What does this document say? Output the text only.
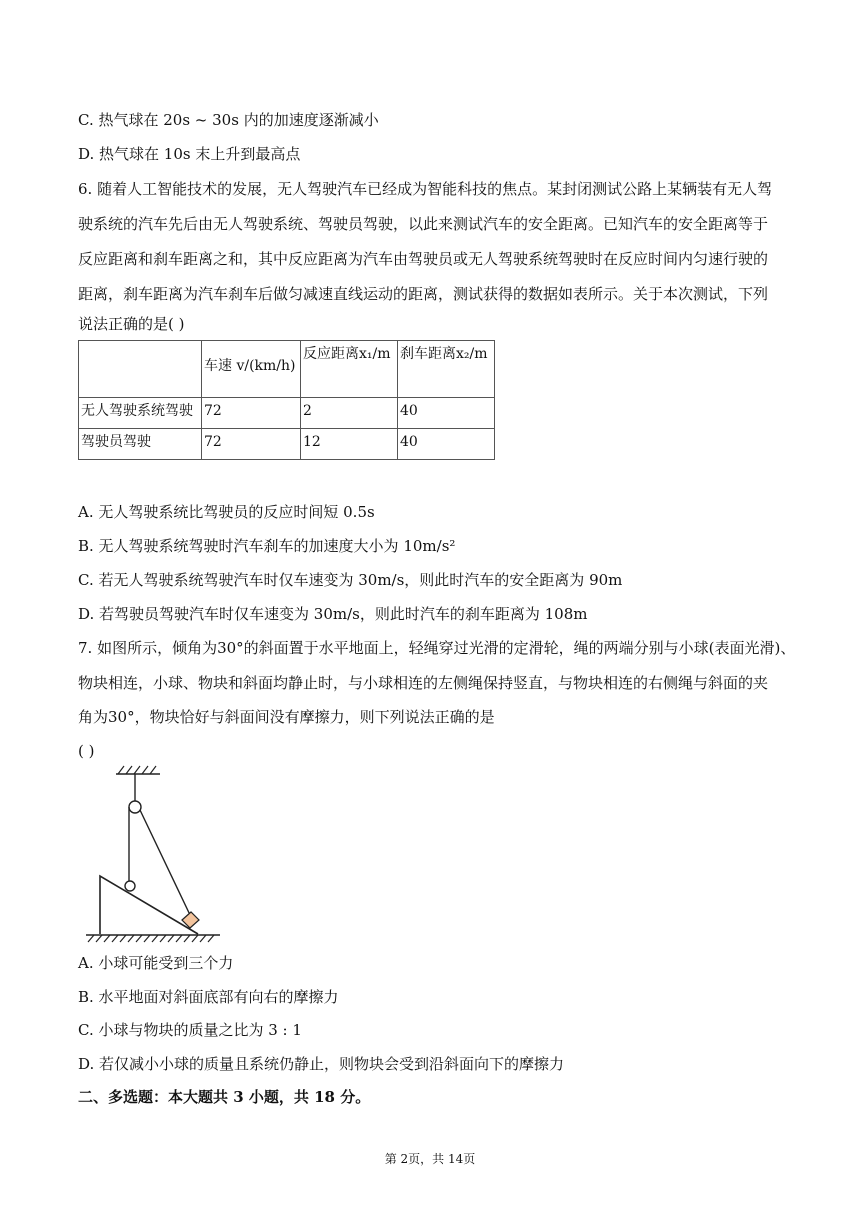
C. 热气球在 20s ~ 30s 内的加速度逐渐减小
D. 热气球在 10s 末上升到最高点
6. 随着人工智能技术的发展，无人驾驶汽车已经成为智能科技的焦点。某封闭测试公路上某辆装有无人驾
驶系统的汽车先后由无人驾驶系统、驾驶员驾驶，以此来测试汽车的安全距离。已知汽车的安全距离等于
反应距离和刹车距离之和，其中反应距离为汽车由驾驶员或无人驾驶系统驾驶时在反应时间内匀速行驶的
距离，刹车距离为汽车刹车后做匀减速直线运动的距离，测试获得的数据如表所示。关于本次测试，下列
说法正确的是( )
	车速 v/(km/h)	反应距离x₁/m	刹车距离x₂/m
无人驾驶系统驾驶	72	2	40
驾驶员驾驶	72	12	40
A. 无人驾驶系统比驾驶员的反应时间短 0.5s
B. 无人驾驶系统驾驶时汽车刹车的加速度大小为 10m/s²
C. 若无人驾驶系统驾驶汽车时仅车速变为 30m/s，则此时汽车的安全距离为 90m
D. 若驾驶员驾驶汽车时仅车速变为 30m/s，则此时汽车的刹车距离为 108m
7. 如图所示，倾角为30°的斜面置于水平地面上，轻绳穿过光滑的定滑轮，绳的两端分别与小球(表面光滑)、
物块相连，小球、物块和斜面均静止时，与小球相连的左侧绳保持竖直，与物块相连的右侧绳与斜面的夹
角为30°，物块恰好与斜面间没有摩擦力，则下列说法正确的是
( )
A. 小球可能受到三个力
B. 水平地面对斜面底部有向右的摩擦力
C. 小球与物块的质量之比为 3 : 1
D. 若仅减小小球的质量且系统仍静止，则物块会受到沿斜面向下的摩擦力
二、多选题：本大题共 3 小题，共 18 分。
第 2页，共 14页
